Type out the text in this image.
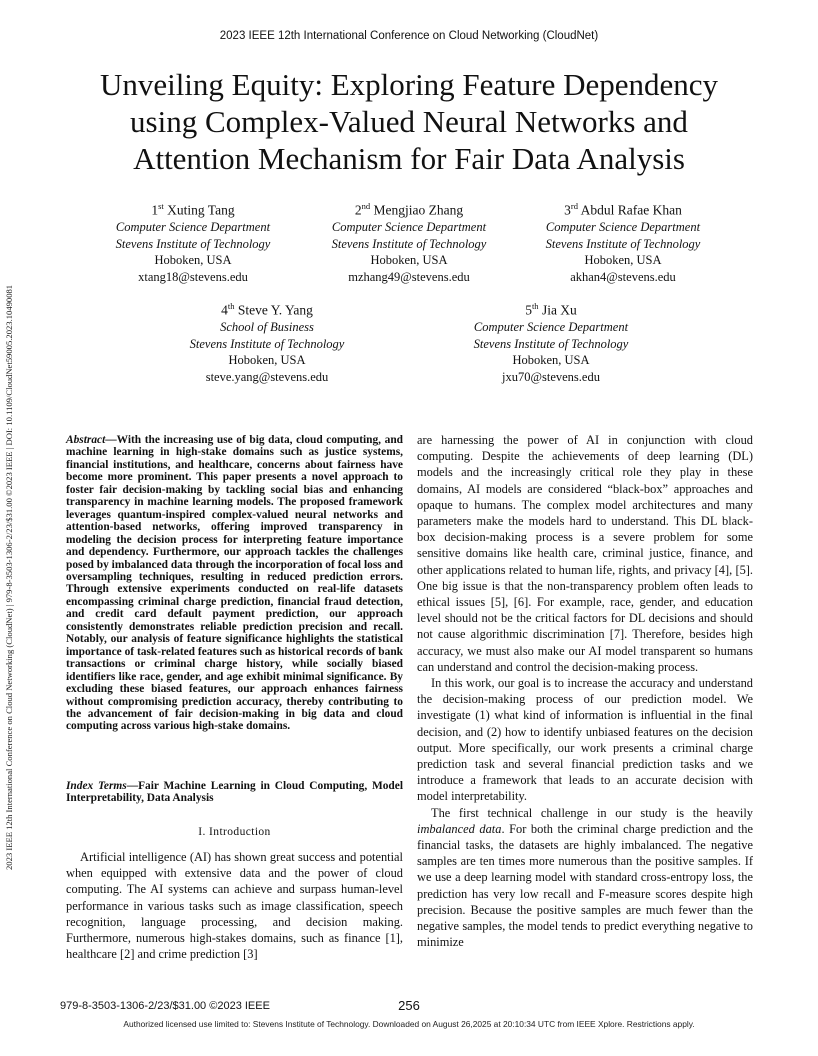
2023 IEEE 12th International Conference on Cloud Networking (CloudNet)
2023 IEEE 12th International Conference on Cloud Networking (CloudNet) | 979-8-3503-1306-2/23/$31.00 ©2023 IEEE | DOI: 10.1109/CloudNet59005.2023.10490081
Unveiling Equity: Exploring Feature Dependency
using Complex-Valued Neural Networks and
Attention Mechanism for Fair Data Analysis
1st Xuting Tang
Computer Science Department
Stevens Institute of Technology
Hoboken, USA
xtang18@stevens.edu
2nd Mengjiao Zhang
Computer Science Department
Stevens Institute of Technology
Hoboken, USA
mzhang49@stevens.edu
3rd Abdul Rafae Khan
Computer Science Department
Stevens Institute of Technology
Hoboken, USA
akhan4@stevens.edu
4th Steve Y. Yang
School of Business
Stevens Institute of Technology
Hoboken, USA
steve.yang@stevens.edu
5th Jia Xu
Computer Science Department
Stevens Institute of Technology
Hoboken, USA
jxu70@stevens.edu
Abstract—With the increasing use of big data, cloud computing, and machine learning in high-stake domains such as justice systems, financial institutions, and healthcare, concerns about fairness have become more prominent. This paper presents a novel approach to foster fair decision-making by tackling social bias and enhancing transparency in machine learning models. The proposed framework leverages quantum-inspired complex-valued neural networks and attention-based networks, offering improved transparency in modeling the decision process for interpreting feature importance and dependency. Furthermore, our approach tackles the challenges posed by imbalanced data through the incorporation of focal loss and oversampling techniques, resulting in reduced prediction errors. Through extensive experiments conducted on real-life datasets encompassing criminal charge prediction, financial fraud detection, and credit card default payment prediction, our approach consistently demonstrates reliable prediction precision and recall. Notably, our analysis of feature significance highlights the statistical importance of task-related features such as historical records of bank transactions or criminal charge history, while socially biased identifiers like race, gender, and age exhibit minimal significance. By excluding these biased features, our approach enhances fairness without compromising prediction accuracy, thereby contributing to the advancement of fair decision-making in big data and cloud computing across various high-stake domains.
Index Terms—Fair Machine Learning in Cloud Computing, Model Interpretability, Data Analysis
I. Introduction

Artificial intelligence (AI) has shown great success and potential when equipped with extensive data and the power of cloud computing. The AI systems can achieve and surpass human-level performance in various tasks such as image classification, speech recognition, language processing, and decision making. Furthermore, numerous high-stakes domains, such as finance [1], healthcare [2] and crime prediction [3]

are harnessing the power of AI in conjunction with cloud computing. Despite the achievements of deep learning (DL) models and the increasingly critical role they play in these domains, AI models are considered “black-box” approaches and opaque to humans. The complex model architectures and many parameters make the models hard to understand. This DL black-box decision-making process is a severe problem for some sensitive domains like health care, criminal justice, finance, and other applications related to human life, rights, and privacy [4], [5]. One big issue is that the non-transparency problem often leads to ethical issues [5], [6]. For example, race, gender, and education level should not be the critical factors for DL decisions and should not cause algorithmic discrimination [7]. Therefore, besides high accuracy, we must also make our AI model transparent so humans can understand and control the decision-making process.

In this work, our goal is to increase the accuracy and understand the decision-making process of our prediction model. We investigate (1) what kind of information is influential in the final decision, and (2) how to identify unbiased features on the decision output. More specifically, our work presents a criminal charge prediction task and several financial prediction tasks and we introduce a framework that leads to an accurate decision with model interpretability.

The first technical challenge in our study is the heavily imbalanced data. For both the criminal charge prediction and the financial tasks, the datasets are highly imbalanced. The negative samples are ten times more numerous than the positive samples. If we use a deep learning model with standard cross-entropy loss, the prediction has very low recall and F-measure scores despite high precision. Because the positive samples are much fewer than the negative samples, the model tends to predict everything negative to minimize

979-8-3503-1306-2/23/$31.00 ©2023 IEEE	256
Authorized licensed use limited to: Stevens Institute of Technology. Downloaded on August 26,2025 at 20:10:34 UTC from IEEE Xplore. Restrictions apply.
